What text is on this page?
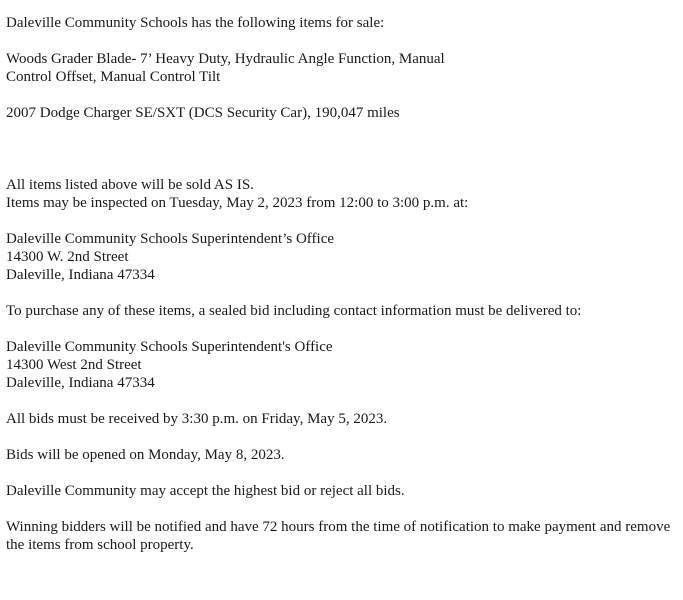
Daleville Community Schools has the following items for sale:
Woods Grader Blade- 7’ Heavy Duty, Hydraulic Angle Function, Manual
Control Offset, Manual Control Tilt
2007 Dodge Charger SE/SXT (DCS Security Car), 190,047 miles
All items listed above will be sold AS IS.
Items may be inspected on Tuesday, May 2, 2023 from 12:00 to 3:00 p.m. at:
Daleville Community Schools Superintendent’s Office
14300 W. 2nd Street
Daleville, Indiana 47334
To purchase any of these items, a sealed bid including contact information must be delivered to:
Daleville Community Schools Superintendent's Office
14300 West 2nd Street
Daleville, Indiana 47334
All bids must be received by 3:30 p.m. on Friday, May 5, 2023.
Bids will be opened on Monday, May 8, 2023.
Daleville Community may accept the highest bid or reject all bids.
Winning bidders will be notified and have 72 hours from the time of notification to make payment and remove the items from school property.
